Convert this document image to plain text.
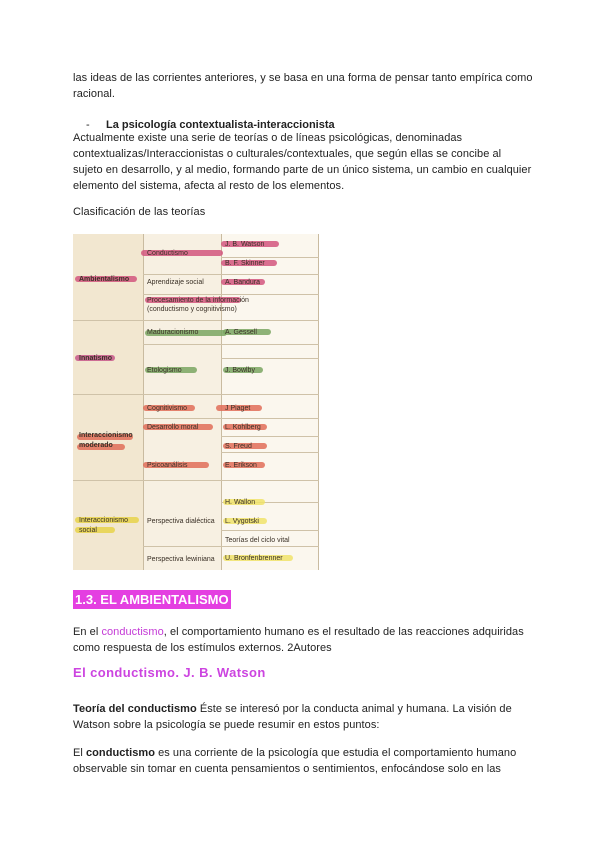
las ideas de las corrientes anteriores, y se basa en una forma de pensar tanto empírica como racional.
- La psicología contextualista-interaccionista
Actualmente existe una serie de teorías o de líneas psicológicas, denominadas contextualizas/Interaccionistas o culturales/contextuales, que según ellas se concibe al sujeto en desarrollo, y al medio, formando parte de un único sistema, un cambio en cualquier elemento del sistema, afecta al resto de los elementos.
Clasificación de las teorías
Ambientalismo
Innatismo
Interaccionismo
moderado
Interaccionismo
social
Conductismo
Aprendizaje social
Procesamiento de la información
(conductismo y cognitivismo)
Maduracionismo
Etologismo
Cognitivismo
Desarrollo moral
Psicoanálisis
Perspectiva dialéctica
Perspectiva lewiniana
J. B. Watson
B. F. Skinner
A. Bandura
A. Gessell
J. Bowlby
J Piaget
L. Kohlberg
S. Freud
E. Erikson
H. Wallon
L. Vygotski
Teorías del ciclo vital
U. Bronfenbrenner
1.3. EL AMBIENTALISMO
En el conductismo, el comportamiento humano es el resultado de las reacciones adquiridas como respuesta de los estímulos externos. 2Autores
El conductismo. J. B. Watson
Teoría del conductismo Éste se interesó por la conducta animal y humana. La visión de Watson sobre la psicología se puede resumir en estos puntos:
El conductismo es una corriente de la psicología que estudia el comportamiento humano observable sin tomar en cuenta pensamientos o sentimientos, enfocándose solo en las
